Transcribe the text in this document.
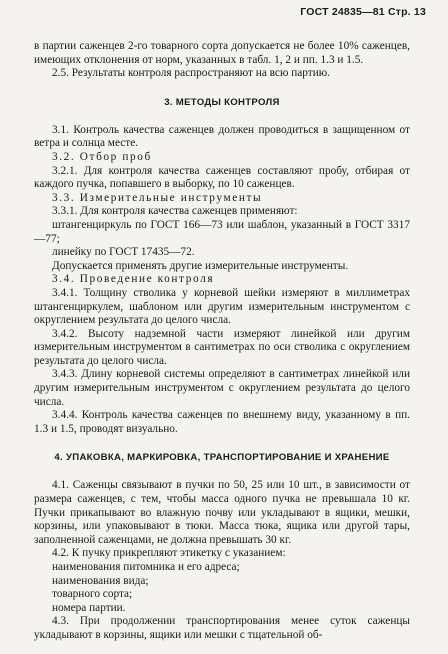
ГОСТ 24835—81 Стр. 13

в партии саженцев 2-го товарного сорта допускается не более 10% саженцев, имеющих отклонения от норм, указанных в табл. 1, 2 и пп. 1.3 и 1.5.

2.5. Результаты контроля распространяют на всю партию.

3. МЕТОДЫ КОНТРОЛЯ

3.1. Контроль качества саженцев должен проводиться в защищенном от ветра и солнца месте.

3.2. Отбор проб

3.2.1. Для контроля качества саженцев составляют пробу, отбирая от каждого пучка, попавшего в выборку, по 10 саженцев.

3.3. Измерительные инструменты

3.3.1. Для контроля качества саженцев применяют:

штангенциркуль по ГОСТ 166—73 или шаблон, указанный в ГОСТ 3317—77;

линейку по ГОСТ 17435—72.

Допускается применять другие измерительные инструменты.

3.4. Проведение контроля

3.4.1. Толщину стволика у корневой шейки измеряют в миллиметрах штангенциркулем, шаблоном или другим измерительным инструментом с округлением результата до целого числа.

3.4.2. Высоту надземной части измеряют линейкой или другим измерительным инструментом в сантиметрах по оси стволика с округлением результата до целого числа.

3.4.3. Длину корневой системы определяют в сантиметрах линейкой или другим измерительным инструментом с округлением результата до целого числа.

3.4.4. Контроль качества саженцев по внешнему виду, указанному в пп. 1.3 и 1.5, проводят визуально.

4. УПАКОВКА, МАРКИРОВКА, ТРАНСПОРТИРОВАНИЕ И ХРАНЕНИЕ

4.1. Саженцы связывают в пучки по 50, 25 или 10 шт., в зависимости от размера саженцев, с тем, чтобы масса одного пучка не превышала 10 кг. Пучки прикапывают во влажную почву или укладывают в ящики, мешки, корзины, или упаковывают в тюки. Масса тюка, ящика или другой тары, заполненной саженцами, не должна превышать 30 кг.

4.2. К пучку прикрепляют этикетку с указанием:

наименования питомника и его адреса;

наименования вида;

товарного сорта;

номера партии.

4.3. При продолжении транспортирования менее суток саженцы укладывают в корзины, ящики или мешки с тщательной об-
